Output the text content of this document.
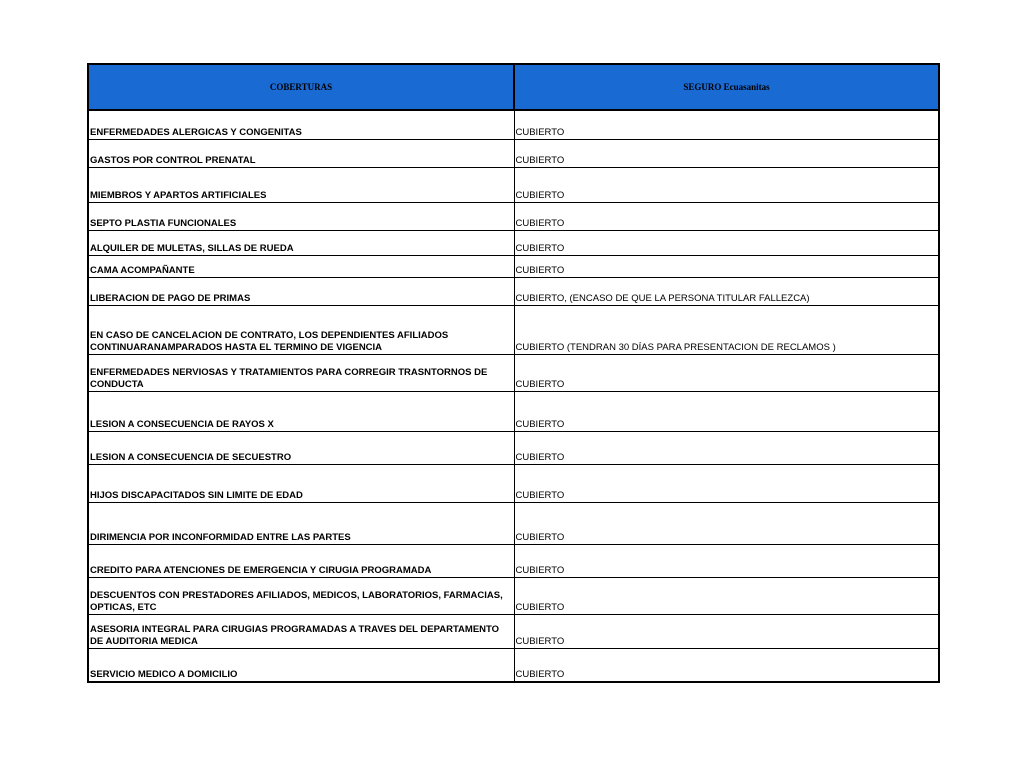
COBERTURAS	SEGURO Ecuasanitas
ENFERMEDADES ALERGICAS Y CONGENITAS	CUBIERTO
GASTOS POR CONTROL PRENATAL	CUBIERTO
MIEMBROS Y APARTOS ARTIFICIALES	CUBIERTO
SEPTO PLASTIA FUNCIONALES	CUBIERTO
ALQUILER DE MULETAS, SILLAS DE RUEDA	CUBIERTO
CAMA ACOMPAÑANTE	CUBIERTO
LIBERACION DE PAGO DE PRIMAS	CUBIERTO, (ENCASO DE QUE LA PERSONA TITULAR FALLEZCA)
EN CASO DE CANCELACION DE CONTRATO, LOS DEPENDIENTES AFILIADOS CONTINUARANAMPARADOS HASTA EL TERMINO DE VIGENCIA	CUBIERTO (TENDRAN 30 DÍAS PARA PRESENTACION DE RECLAMOS )
ENFERMEDADES NERVIOSAS Y TRATAMIENTOS PARA CORREGIR TRASNTORNOS DE CONDUCTA	CUBIERTO
LESION A CONSECUENCIA DE RAYOS X	CUBIERTO
LESION A CONSECUENCIA DE SECUESTRO	CUBIERTO
HIJOS DISCAPACITADOS SIN LIMITE DE EDAD	CUBIERTO
DIRIMENCIA POR INCONFORMIDAD ENTRE LAS PARTES	CUBIERTO
CREDITO PARA ATENCIONES DE EMERGENCIA Y CIRUGIA PROGRAMADA	CUBIERTO
DESCUENTOS CON PRESTADORES AFILIADOS, MEDICOS, LABORATORIOS, FARMACIAS, OPTICAS, ETC	CUBIERTO
ASESORIA INTEGRAL PARA CIRUGIAS PROGRAMADAS A TRAVES DEL DEPARTAMENTO DE AUDITORIA MEDICA	CUBIERTO
SERVICIO MEDICO A DOMICILIO	CUBIERTO
